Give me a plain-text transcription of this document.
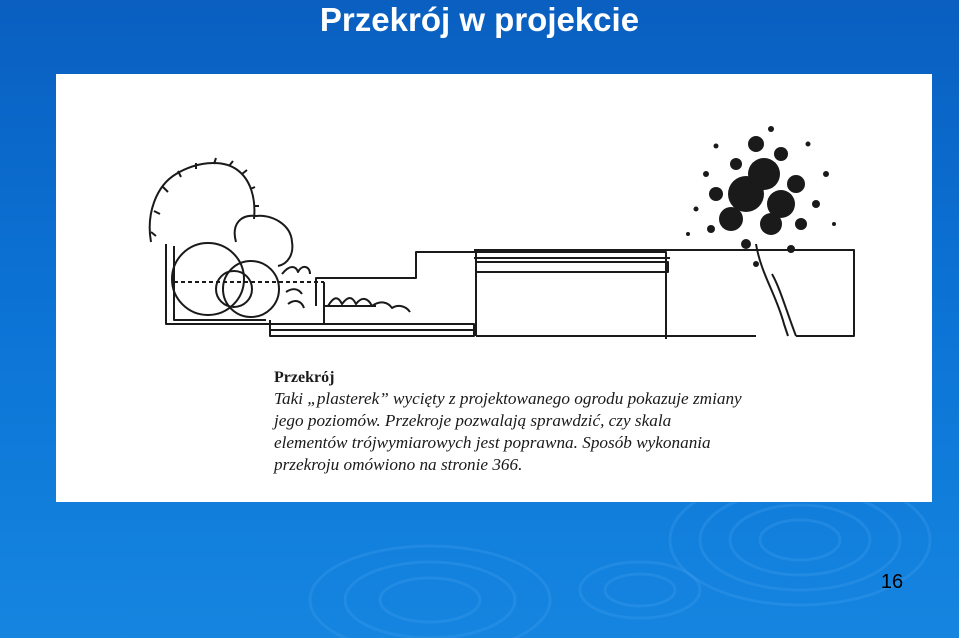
Przekrój w projekcie
Przekrój
Taki „plasterek” wycięty z projektowanego ogrodu pokazuje zmiany
jego poziomów. Przekroje pozwalają sprawdzić, czy skala
elementów trójwymiarowych jest poprawna. Sposób wykonania
przekroju omówiono na stronie 366.
16
